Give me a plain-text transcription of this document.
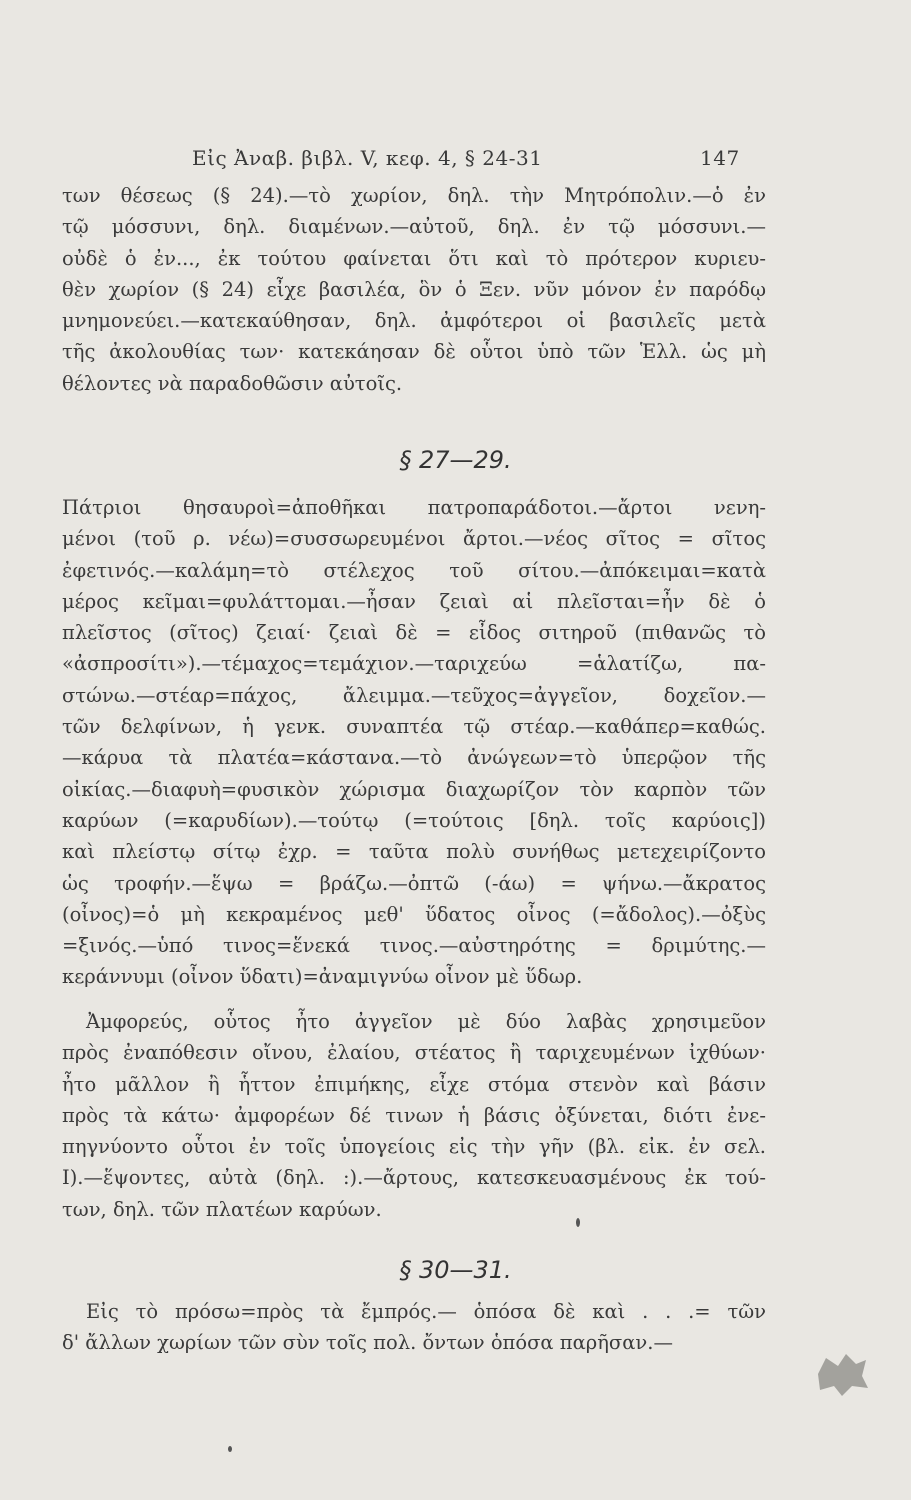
Εἰς Ἀναβ. βιβλ. V, κεφ. 4, § 24-31	147
των θέσεως (§ 24).—τὸ χωρίον, δηλ. τὴν Μητρόπολιν.—ὁ ἐν
τῷ μόσσυνι, δηλ. διαμένων.—αὐτοῦ, δηλ. ἐν τῷ μόσσυνι.—
οὐδὲ ὁ ἐν..., ἐκ τούτου φαίνεται ὅτι καὶ τὸ πρότερον κυριευ-
θὲν χωρίον (§ 24) εἶχε βασιλέα, ὃν ὁ Ξεν. νῦν μόνον ἐν παρόδῳ
μνημονεύει.—κατεκαύθησαν, δηλ. ἀμφότεροι οἱ βασιλεῖς μετὰ
τῆς ἀκολουθίας των· κατεκάησαν δὲ οὗτοι ὑπὸ τῶν Ἑλλ. ὡς μὴ
θέλοντες νὰ παραδοθῶσιν αὐτοῖς.
§ 27—29.
Πάτριοι θησαυροὶ=ἀποθῆκαι πατροπαράδοτοι.—ἄρτοι νενη-
μένοι (τοῦ ρ. νέω)=συσσωρευμένοι ἄρτοι.—νέος σῖτος = σῖτος
ἐφετινός.—καλάμη=τὸ στέλεχος τοῦ σίτου.—ἀπόκειμαι=κατὰ
μέρος κεῖμαι=φυλάττομαι.—ἦσαν ζειαὶ αἱ πλεῖσται=ἦν δὲ ὁ
πλεῖστος (σῖτος) ζειαί· ζειαὶ δὲ = εἶδος σιτηροῦ (πιθανῶς τὸ
«ἀσπροσίτι»).—τέμαχος=τεμάχιον.—ταριχεύω =ἁλατίζω, πα-
στώνω.—στέαρ=πάχος, ἄλειμμα.—τεῦχος=ἀγγεῖον, δοχεῖον.—
τῶν δελφίνων, ἡ γενκ. συναπτέα τῷ στέαρ.—καθάπερ=καθώς.
—κάρυα τὰ πλατέα=κάστανα.—τὸ ἀνώγεων=τὸ ὑπερῷον τῆς
οἰκίας.—διαφυὴ=φυσικὸν χώρισμα διαχωρίζον τὸν καρπὸν τῶν
καρύων (=καρυδίων).—τούτῳ (=τούτοις [δηλ. τοῖς καρύοις])
καὶ πλείστῳ σίτῳ ἐχρ. = ταῦτα πολὺ συνήθως μετεχειρίζοντο
ὡς τροφήν.—ἕψω = βράζω.—ὀπτῶ (-άω) = ψήνω.—ἄκρατος
(οἶνος)=ὁ μὴ κεκραμένος μεθ' ὕδατος οἶνος (=ἄδολος).—ὀξὺς
=ξινός.—ὑπό τινος=ἕνεκά τινος.—αὐστηρότης = δριμύτης.—
κεράννυμι (οἶνον ὕδατι)=ἀναμιγνύω οἶνον μὲ ὕδωρ.
Ἀμφορεύς, οὗτος ἦτο ἀγγεῖον μὲ δύο λαβὰς χρησιμεῦον
πρὸς ἐναπόθεσιν οἴνου, ἐλαίου, στέατος ἢ ταριχευμένων ἰχθύων·
ἦτο μᾶλλον ἢ ἧττον ἐπιμήκης, εἶχε στόμα στενὸν καὶ βάσιν
πρὸς τὰ κάτω· ἀμφορέων δέ τινων ἡ βάσις ὀξύνεται, διότι ἐνε-
πηγνύοντο οὗτοι ἐν τοῖς ὑπογείοις εἰς τὴν γῆν (βλ. εἰκ. ἐν σελ.
I).—ἕψοντες, αὐτὰ (δηλ. :).—ἄρτους, κατεσκευασμένους ἐκ τού-
των, δηλ. τῶν πλατέων καρύων.
§ 30—31.
Εἰς τὸ πρόσω=πρὸς τὰ ἔμπρός.— ὁπόσα δὲ καὶ . . .= τῶν
δ' ἄλλων χωρίων τῶν σὺν τοῖς πολ. ὄντων ὁπόσα παρῆσαν.—
